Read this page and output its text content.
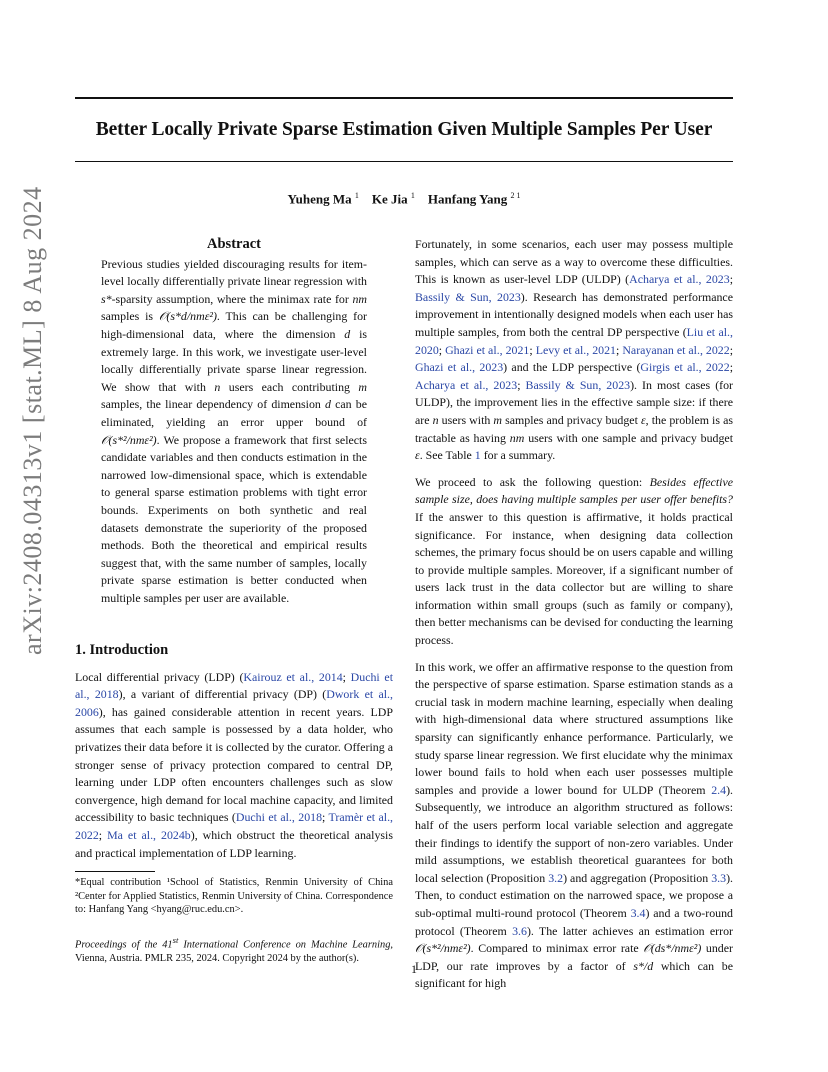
Better Locally Private Sparse Estimation Given Multiple Samples Per User
Yuheng Ma $^1$ Ke Jia $^1$ Hanfang Yang $^{2 1}$
arXiv:2408.04313v1 [stat.ML] 8 Aug 2024	Abstract
Previous studies yielded discouraging results for item-level locally differentially private linear regression with s*-sparsity assumption, where the minimax rate for nm samples is 𝒪(s*d/nmε²). This can be challenging for high-dimensional data, where the dimension d is extremely large. In this work, we investigate user-level locally differentially private sparse linear regression. We show that with n users each contributing m samples, the linear dependency of dimension d can be eliminated, yielding an error upper bound of 𝒪(s*²/nmε²). We propose a framework that first selects candidate variables and then conducts estimation in the narrowed low-dimensional space, which is extendable to general sparse estimation problems with tight error bounds. Experiments on both synthetic and real datasets demonstrate the superiority of the proposed methods. Both the theoretical and empirical results suggest that, with the same number of samples, locally private sparse estimation is better conducted when multiple samples per user are available.
1. Introduction
Local differential privacy (LDP) (Kairouz et al., 2014; Duchi et al., 2018), a variant of differential privacy (DP) (Dwork et al., 2006), has gained considerable attention in recent years. LDP assumes that each sample is possessed by a data holder, who privatizes their data before it is collected by the curator. Offering a stronger sense of privacy protection compared to central DP, learning under LDP often encounters challenges such as slow convergence, high demand for local machine capacity, and limited accessibility to basic techniques (Duchi et al., 2018; Tramèr et al., 2022; Ma et al., 2024b), which obstruct the theoretical analysis and practical implementation of LDP learning.
*Equal contribution ¹School of Statistics, Renmin University of China ²Center for Applied Statistics, Renmin University of China. Correspondence to: Hanfang Yang <hyang@ruc.edu.cn>.
Proceedings of the 41st International Conference on Machine Learning, Vienna, Austria. PMLR 235, 2024. Copyright 2024 by the author(s).
Fortunately, in some scenarios, each user may possess multiple samples, which can serve as a way to overcome these difficulties. This is known as user-level LDP (ULDP) (Acharya et al., 2023; Bassily & Sun, 2023). Research has demonstrated performance improvement in intentionally designed models when each user has multiple samples, from both the central DP perspective (Liu et al., 2020; Ghazi et al., 2021; Levy et al., 2021; Narayanan et al., 2022; Ghazi et al., 2023) and the LDP perspective (Girgis et al., 2022; Acharya et al., 2023; Bassily & Sun, 2023). In most cases (for ULDP), the improvement lies in the effective sample size: if there are n users with m samples and privacy budget ε, the problem is as tractable as having nm users with one sample and privacy budget ε. See Table 1 for a summary.
We proceed to ask the following question: Besides effective sample size, does having multiple samples per user offer benefits? If the answer to this question is affirmative, it holds practical significance. For instance, when designing data collection schemes, the primary focus should be on users capable and willing to provide multiple samples. Moreover, if a significant number of users lack trust in the data collector but are willing to share information within small groups (such as family or company), then better mechanisms can be devised for conducting the learning process.
In this work, we offer an affirmative response to the question from the perspective of sparse estimation. Sparse estimation stands as a crucial task in modern machine learning, especially when dealing with high-dimensional data where structured assumptions like sparsity can significantly enhance performance. Particularly, we study sparse linear regression. We first elucidate why the minimax lower bound fails to hold when each user possesses multiple samples and provide a lower bound for ULDP (Theorem 2.4). Subsequently, we introduce an algorithm structured as follows: half of the users perform local variable selection and aggregate their findings to identify the support of non-zero variables. Under mild assumptions, we establish theoretical guarantees for both local selection (Proposition 3.2) and aggregation (Proposition 3.3). Then, to conduct estimation on the narrowed space, we propose a sub-optimal multi-round protocol (Theorem 3.4) and a two-round protocol (Theorem 3.6). The latter achieves an estimation error 𝒪(s*²/nmε²). Compared to minimax error rate 𝒪(ds*/nmε²) under LDP, our rate improves by a factor of s*/d which can be significant for high
1
